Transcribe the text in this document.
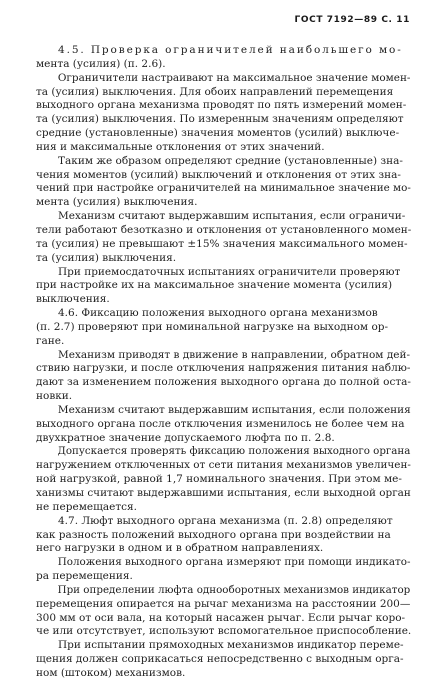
ГОСТ 7192—89 С. 11
4.5. Проверка ограничителей наибольшего мо-
мента (усилия) (п. 2.6).
Ограничители настраивают на максимальное значение момен-
та (усилия) выключения. Для обоих направлений перемещения
выходного органа механизма проводят по пять измерений момен-
та (усилия) выключения. По измеренным значениям определяют
средние (установленные) значения моментов (усилий) выключе-
ния и максимальные отклонения от этих значений.
Таким же образом определяют средние (установленные) зна-
чения моментов (усилий) выключений и отклонения от этих зна-
чений при настройке ограничителей на минимальное значение мо-
мента (усилия) выключения.
Механизм считают выдержавшим испытания, если ограничи-
тели работают безотказно и отклонения от установленного момен-
та (усилия) не превышают ±15% значения максимального момен-
та (усилия) выключения.
При приемосдаточных испытаниях ограничители проверяют
при настройке их на максимальное значение момента (усилия)
выключения.
4.6. Фиксацию положения выходного органа механизмов
(п. 2.7) проверяют при номинальной нагрузке на выходном ор-
гане.
Механизм приводят в движение в направлении, обратном дей-
ствию нагрузки, и после отключения напряжения питания наблю-
дают за изменением положения выходного органа до полной оста-
новки.
Механизм считают выдержавшим испытания, если положения
выходного органа после отключения изменилось не более чем на
двухкратное значение допускаемого люфта по п. 2.8.
Допускается проверять фиксацию положения выходного органа
нагружением отключенных от сети питания механизмов увеличен-
ной нагрузкой, равной 1,7 номинального значения. При этом ме-
ханизмы считают выдержавшими испытания, если выходной орган
не перемещается.
4.7. Люфт выходного органа механизма (п. 2.8) определяют
как разность положений выходного органа при воздействии на
него нагрузки в одном и в обратном направлениях.
Положения выходного органа измеряют при помощи индикато-
ра перемещения.
При определении люфта однооборотных механизмов индикатор
перемещения опирается на рычаг механизма на расстоянии 200—
300 мм от оси вала, на который насажен рычаг. Если рычаг коро-
че или отсутствует, используют вспомогательное приспособление.
При испытании прямоходных механизмов индикатор переме-
щения должен соприкасаться непосредственно с выходным орга-
ном (штоком) механизмов.
